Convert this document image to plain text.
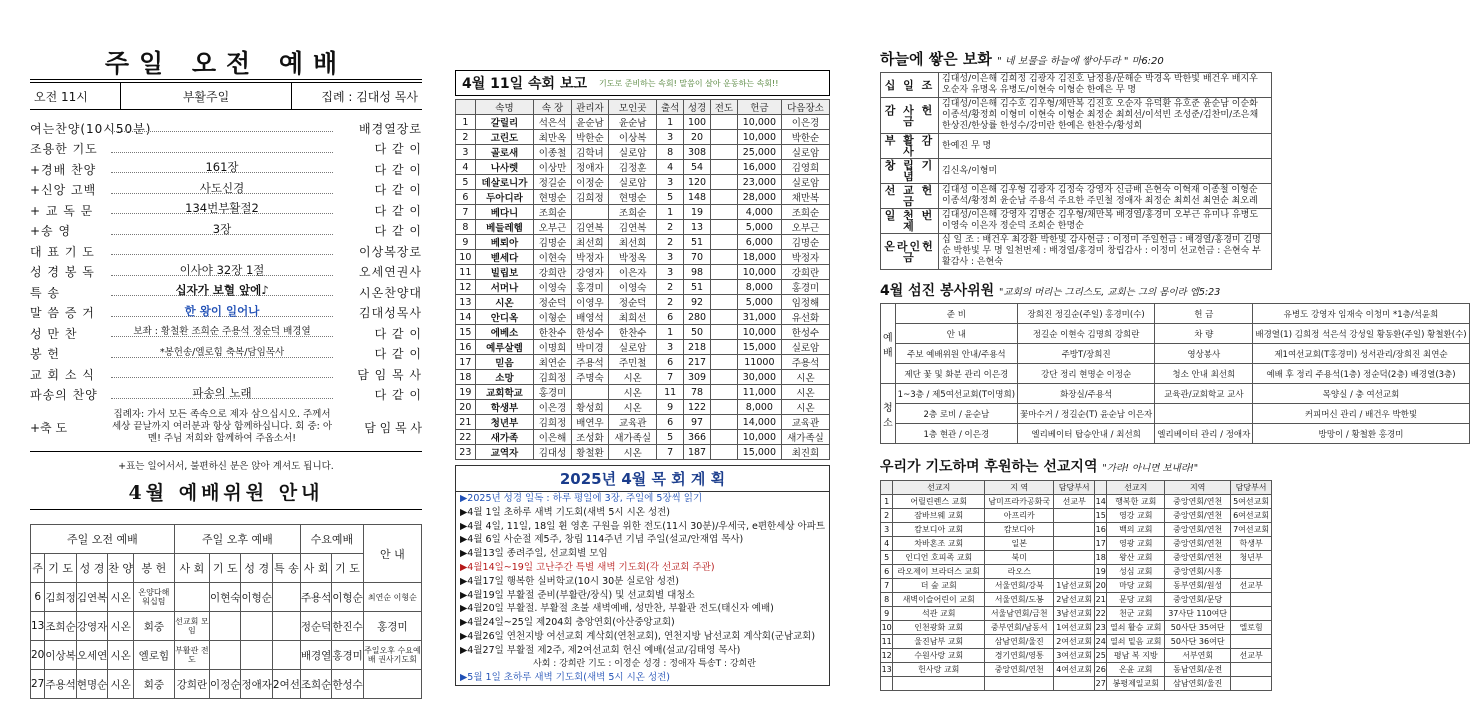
주일 오전 예배
오전 11시	부활주일	집례 : 김대성 목사
여는찬양(10시50분)	배경열장로
조용한 기도	다 같 이
+경배 찬양	161장	다 같 이
+신앙 고백	사도신경	다 같 이
+ 교 독 문	134번부활절2	다 같 이
+송 영	3장	다 같 이
대 표 기 도	이상복장로
성 경 봉 독	이사야 32장 1절	오세연권사
특 송	십자가 보혈 앞에♪	시온찬양대
말 씀 증 거	한 왕이 일어나	김대성목사
성 만 찬	보좌 : 황철환 조희순 주용석 정순덕 배경열	다 같 이
봉 헌	*봉헌송/엘로힘 축복/담임목사	다 같 이
교 회 소 식	담 임 목 사
파송의 찬양	파송의 노래	다 같 이
+축 도
집례자: 가서 모든 족속으로 제자 삼으십시오. 주께서 세상 끝날까지 여러분과 항상 함께하십니다. 회 중: 아멘! 주님 저희와 함께하여 주옵소서!
담 임 목 사
+표는 일어서서, 불편하신 분은 앉아 계셔도 됩니다.
4월 예배위원 안내
주일 오전 예배					주일 오후 예배				수요예배		안 내
주	기 도	성 경	찬 양	봉 헌	사 회	기 도	성 경	특 송	사 회	기 도	
6	김희정	김연복	시온	온양다해 워십팀		이현숙	이형순		주용석	이형순	최연순 이형순
13	조희순	강영자	시온	회중	선교회 모임				정순덕	한진수	홍경미
20	이상복	오세연	시온	엘로힘	부활관 전도				배경열	홍경미	주일오후 수요예배 권사기도회
27	주용석	현명순	시온	회중	강희란	이정순	정애자	2여선	조희순	한성수	
4월 11일 속회 보고 기도로 준비하는 속회! 말씀이 살아 운동하는 속회!!
	속명	속 장	관리자	모인곳	출석	성경	전도	헌금	다음장소
1	갈릴리	석은석	윤순남	윤순남	1	100		10,000	이은경
2	고린도	최만옥	박한순	이상복	3	20		10,000	박한순
3	골로새	이종철	김학녀	실로암	8	308		25,000	실로암
4	나사렛	이상만	정애자	김정훈	4	54		16,000	김영희
5	데살로니가	정길순	이정순	실로암	3	120		23,000	실로암
6	두아디라	현명순	김희정	현명순	5	148		28,000	채만복
7	베다니	조희순		조희순	1	19		4,000	조희순
8	베들레헴	오부근	김연복	김연복	2	13		5,000	오부근
9	베뢰아	김명순	최선희	최선희	2	51		6,000	김명순
10	벧세다	이현숙	박정자	박정옥	3	70		18,000	박정자
11	빌립보	강희란	강영자	이은자	3	98		10,000	강희란
12	서머나	이영숙	홍경미	이영숙	2	51		8,000	홍경미
13	시온	정순덕	이영우	정순덕	2	92		5,000	임정해
14	안디옥	이형순	배영석	최희선	6	280		31,000	유선화
15	에베소	한찬수	한성수	한찬수	1	50		10,000	한성수
16	예루살렘	이명희	박미경	실로암	3	218		15,000	실로암
17	믿음	최연순	주용석	주민철	6	217		11000	주용석
18	소망	김희정	주명숙	시온	7	309		30,000	시온
19	교회학교	홍경미		시온	11	78		11,000	시온
20	학생부	이은경	황성희	시온	9	122		8,000	시온
21	청년부	김희정	배연우	교육관	6	97		14,000	교육관
22	새가족	이은해	조성화	새가족실	5	366		10,000	새가족실
23	교역자	김대성	황철환	시온	7	187		15,000	최진희
2025년 4월 목 회 계 획
▶2025년 성경 일독 : 하루 평일에 3장, 주일에 5장씩 읽기
▶4월 1일 초하루 새벽 기도회(새벽 5시 시온 성전)
▶4월 4일, 11일, 18일 휜 영혼 구원을 위한 전도(11시 30분)/우세국, e편한세상 아파트
▶4월 6일 사순절 제5주, 창립 114주년 기념 주일(설교/안재엽 목사)
▶4월13일 종려주일, 선교회별 모임
▶4월14일~19일 고난주간 특별 새벽 기도회(각 선교회 주관)
▶4월17일 행복한 실버학교(10시 30분 실로암 성전)
▶4월19일 부활절 준비(부활란/장식) 및 선교회별 대청소
▶4월20일 부활절. 부활절 초불 새벽예배, 성만찬, 부활관 전도(태신자 예배)
▶4월24일~25일 제204회 충앙연회(아산중앙교회)
▶4월26일 연천지방 여선교회 계삭회(연천교회), 연천지방 남선교회 계삭회(군남교회)
▶4월27일 부활절 제2주, 제2여선교회 헌신 예배(설교/김태영 목사)
사회 : 강희란 기도 : 이정순 성경 : 정애자 특송T : 강희란
▶5월 1일 초하루 새벽 기도회(새벽 5시 시온 성전)
하늘에 쌓은 보화 " 네 보물을 하늘에 쌓아두라 " 마6:20
십 일 조	김대성/이은해 김희정 김광자 김진호 남정용/문해순 박경옥 박한빛 배건우 배지우 오순자 유명옥 유병도/이현숙 이형순 한예은 무 명
감 사 헌 금	김대성/이은해 김수호 김우형/채만복 김진호 오순자 유덕환 유호준 윤순남 이순화 이종석/황정희 이형미 이현숙 이형순 최정순 최희선/이석빈 조성준/김찬미/조은채 한상진/한상률 한성수/강미란 한예은 한찬수/황성희
부 활 감 사	한예진 무 명
창 립 기 념	김신옥/이형미
선 교 헌 금	김대성 이은해 김우형 김광자 김정숙 강영자 신금배 은현숙 이혁재 이종철 이형순 이종석/황정희 윤순남 주용석 주요한 주민철 정애자 최정순 최희선 최연순 최오례
일 천 번 제	김대성/이은해 강영자 김명순 김우형/채만복 배경열/홍경미 오부근 유미나 유병도 이영숙 이은자 정순덕 조희순 한명순
온라인헌금	십 일 조 : 배건우 최강환 박한빛 감사헌금 : 이정미 주일헌금 : 배경열/홍경미 김명순 박한빛 무 명 일천번제 : 배경열/홍경미 창립감사 : 이정미 선교헌금 : 은현숙 부활감사 : 은현숙
4월 섬진 봉사위원 "교회의 머리는 그리스도, 교회는 그의 몸이라 엡5:23
예배	준 비	장희진 정길순(주일) 홍경미(수)	헌 금	유병도 강영자 임재숙 이청미 *1층/석윤희
	안 내	정길순 이현숙 김명희 강희란	차 량	배경열(1) 김희정 석은석 강성일 황동환(주일) 황철환(수)
	주보 예배위원 안내/주용석	주방T/장희진	영상봉사	제1여선교회(T홍경미) 성서관리/장희진 최연순
	제단 꽃 및 화분 관리 이은경	강단 정리 현명순 이정순	청소 안내 최선희	예배 후 정리 주용석(1층) 정순덕(2층) 배경열(3층)
청소	1~3층 / 제5여선교회(T이명희)	화장실/주용석	교육관/교회학교 교사	목양실 / 충 여선교회
	2층 로비 / 윤순남	꽃마수거 / 정길순(T) 윤순남 이은자		커피머신 관리 / 배건우 박한빛
	1층 현관 / 이은경	엘리베이터 탑승안내 / 최선희	엘리베이터 관리 / 정애자	방망이 / 황철환 홍경미
우리가 기도하며 후원하는 선교지역 "가라! 아니면 보내라!"
	선교지	지 역	담당부서		선교지	지역	담당부서
1	어릴린렌스 교회	남미프라카공화국	선교부	14	행복한 교회	중앙연회/연천	5여선교회
2	잠바브웨 교회	아프리카		15	영강 교회	중앙연회/연천	6여선교회
3	캄보디아 교회	캄보디아		16	백의 교회	중앙연회/연천	7여선교회
4	차바혼조 교회	일본		17	영광 교회	중앙연회/연천	학생부
5	인디언 호피족 교회	북미		18	왕산 교회	중앙연회/연천	청년부
6	라오제이 브라더스 교회	라오스		19	성심 교회	중앙연회/시흥	
7	더 숲 교회	서울연회/강북	1남선교회	20	마당 교회	동부연회/원성	선교부
8	새벽이슬어린이 교회	서울연회/도봉	2남선교회	21	문당 교회	중앙연회/문당	
9	석관 교회	서울남연회/금천	3남선교회	22	천군 교회	37사단 110여단	
10	인천광화 교회	중부연회/남동서	1여선교회	23	열쇠 활승 교회	50사단 35여단	엘로힘
11	울진남부 교회	삼남연회/울진	2여선교회	24	열쇠 밑음 교회	50사단 36여단	
12	수원사랑 교회	경기연회/영통	3여선교회	25	평남 복 지방	서부연회	선교부
13	헌사랑 교회	중앙연회/연천	4여선교회	26	온윤 교회	동남연회/운전	
				27	봉평제일교회	삼남연회/울진	
